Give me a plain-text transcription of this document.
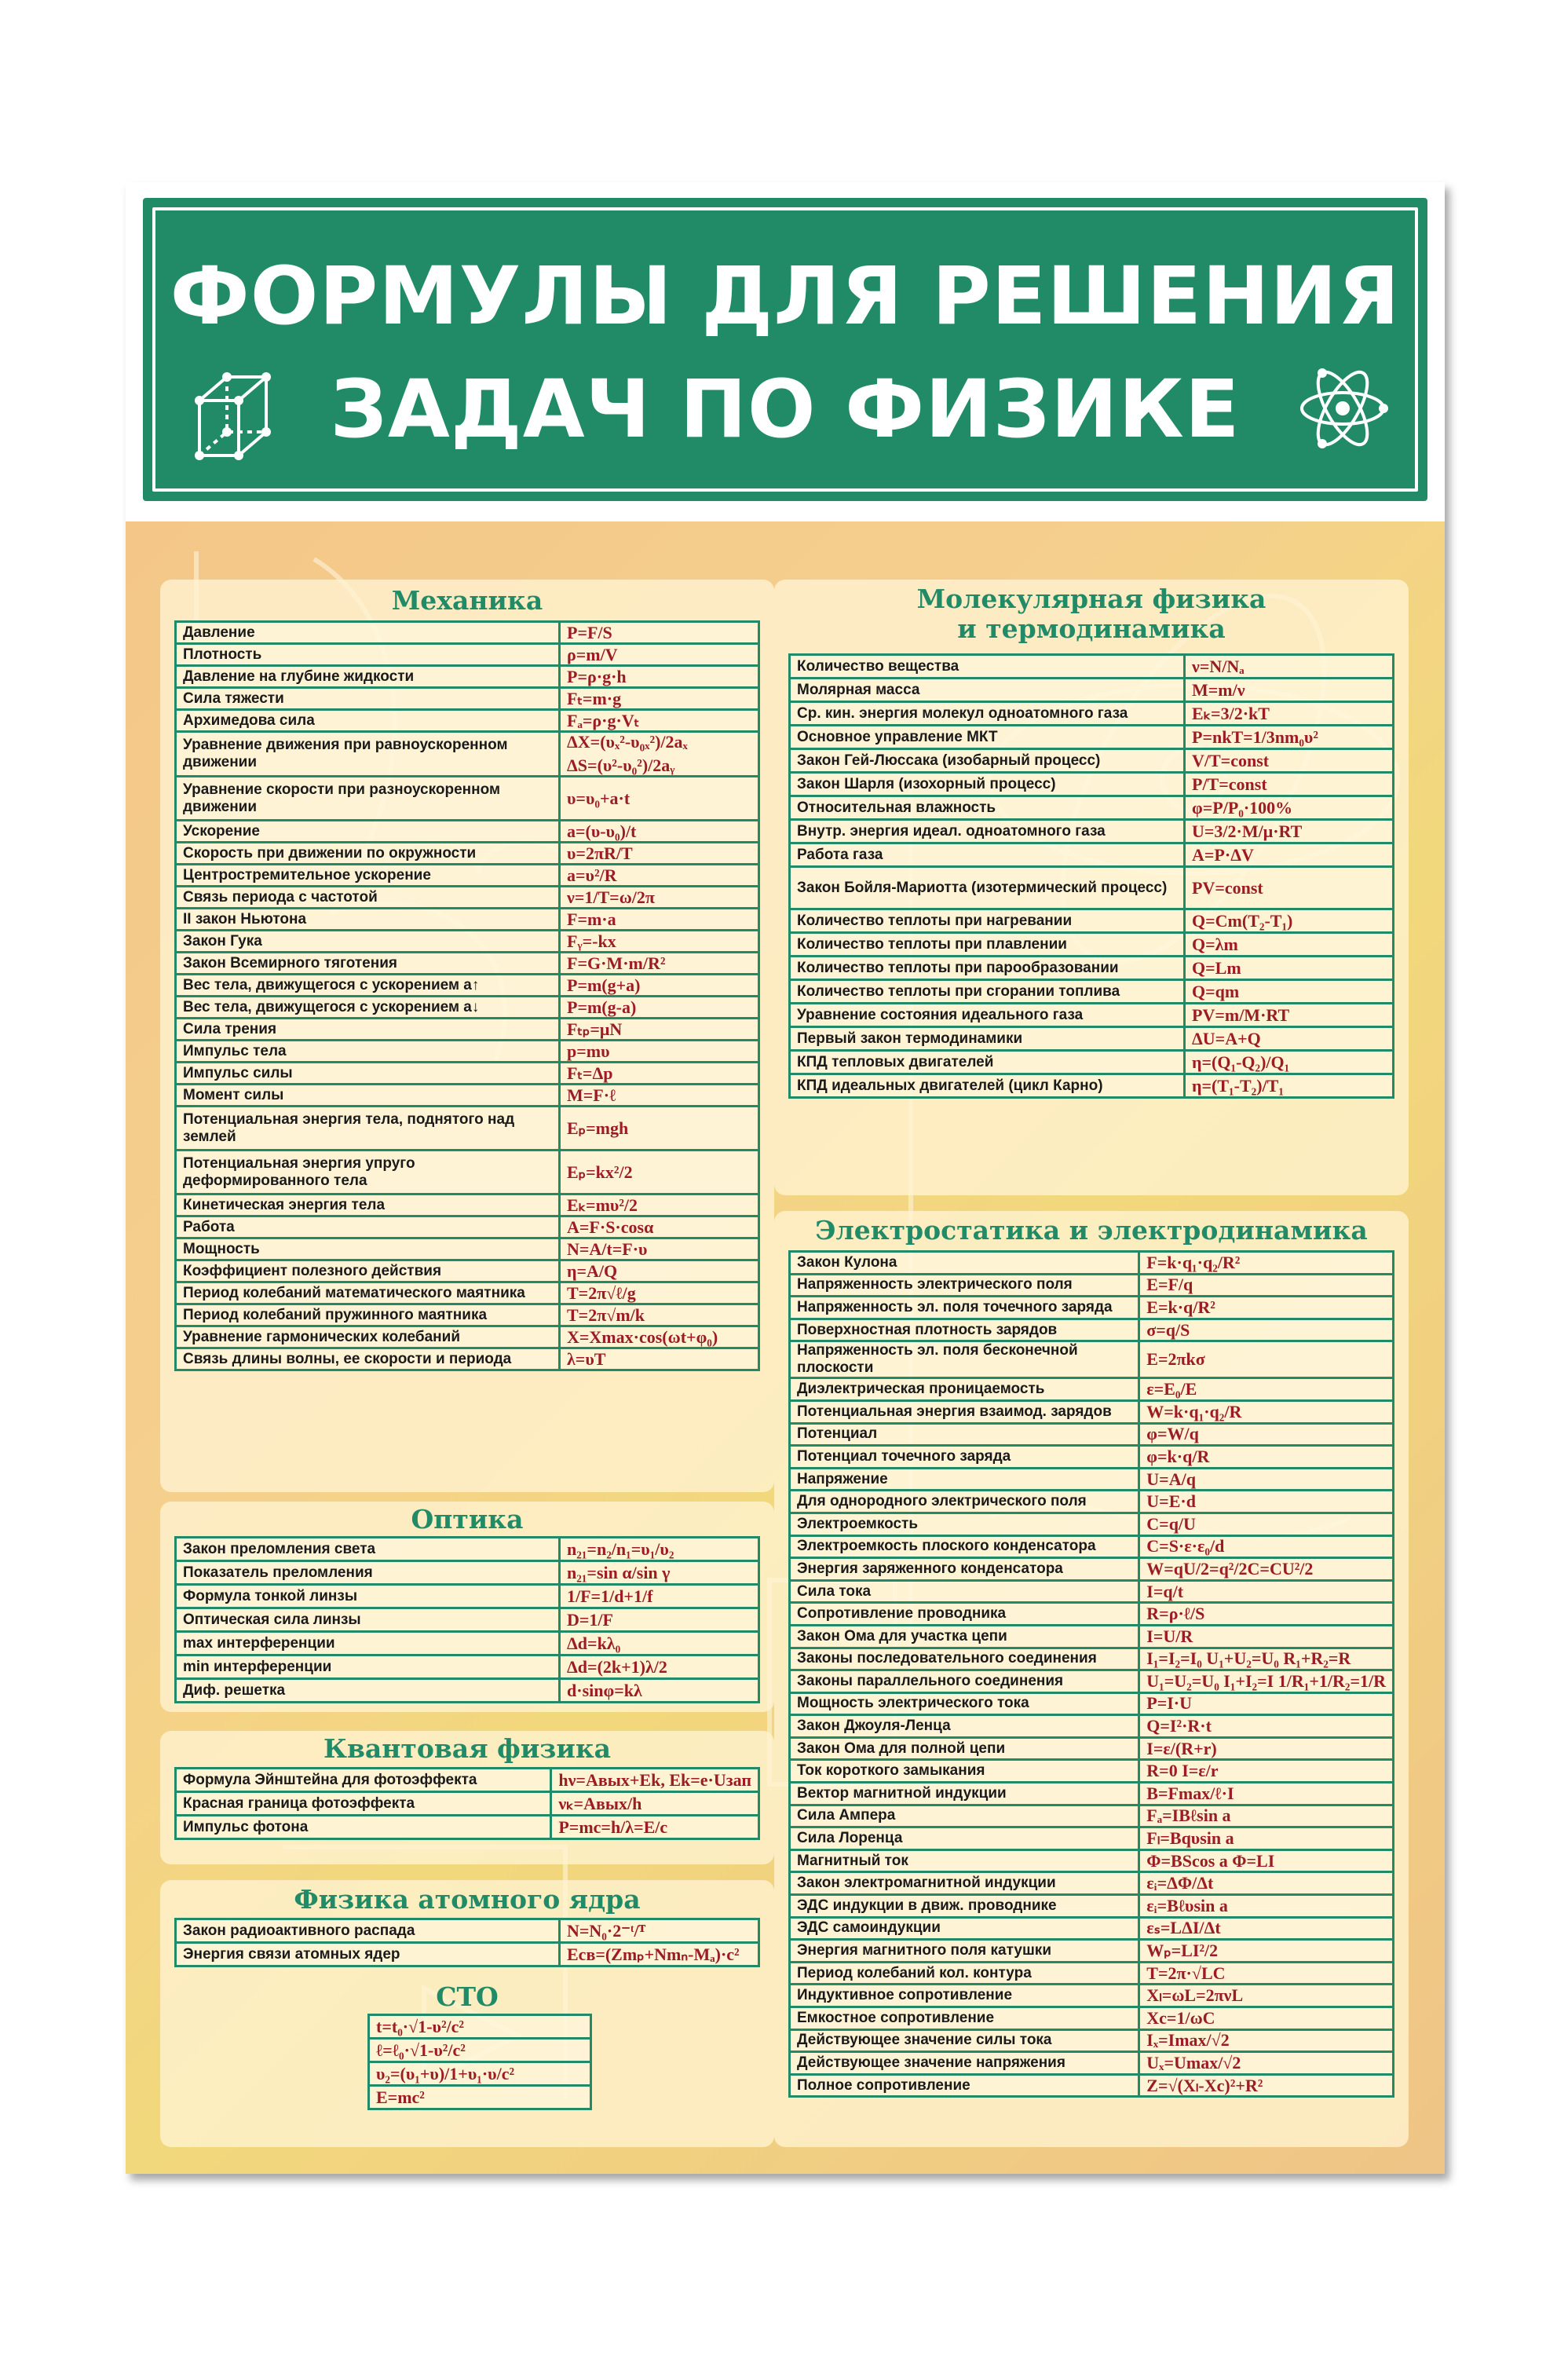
ФОРМУЛЫ ДЛЯ РЕШЕНИЯ
ЗАДАЧ ПО ФИЗИКЕ
Механика
Давление	P=F/S
Плотность	ρ=m/V
Давление на глубине жидкости	P=ρ·g·h
Сила тяжести	Fₜ=m·g
Архимедова сила	Fₐ=ρ·g·Vₜ
Уравнение движения при равноускоренном движении	ΔX=(υₓ²-υ₀ₓ²)/2aₓ
ΔS=(υ²-υ₀²)/2aᵧ

Уравнение скорости при разноускоренном движении	υ=υ₀+a·t
Ускорение	a=(υ-υ₀)/t
Скорость при движении по окружности	υ=2πR/T
Центростремительное ускорение	a=υ²/R
Связь периода с частотой	ν=1/T=ω/2π
II закон Ньютона	F=m·a
Закон Гука	Fᵧ=-kx
Закон Всемирного тяготения	F=G·M·m/R²
Вес тела, движущегося с ускорением а↑	P=m(g+a)
Вес тела, движущегося с ускорением а↓	P=m(g-a)
Сила трения	Fₜₚ=μN
Импульс тела	p=mυ
Импульс силы	Fₜ=Δp
Момент силы	M=F·ℓ
Потенциальная энергия тела, поднятого над землей	Eₚ=mgh
Потенциальная энергия упруго деформированного тела	Eₚ=kx²/2
Кинетическая энергия тела	Eₖ=mυ²/2
Работа	A=F·S·cosα
Мощность	N=A/t=F·υ
Коэффициент полезного действия	η=A/Q
Период колебаний математического маятника	T=2π√ℓ/g
Период колебаний пружинного маятника	T=2π√m/k
Уравнение гармонических колебаний	X=Xmax·cos(ωt+φ₀)
Связь длины волны, ее скорости и периода	λ=υT
Оптика
Закон преломления света	n₂₁=n₂/n₁=υ₁/υ₂
Показатель преломления	n₂₁=sin α/sin γ
Формула тонкой линзы	1/F=1/d+1/f
Оптическая сила линзы	D=1/F
max интерференции	Δd=kλ₀
min интерференции	Δd=(2k+1)λ/2
Диф. решетка	d·sinφ=kλ
Квантовая физика
Формула Эйнштейна для фотоэффекта	hν=Aвых+Ek, Ek=e·Uзап
Красная граница фотоэффекта	νₖ=Aвых/h
Импульс фотона	P=mc=h/λ=E/c
Физика атомного ядра
Закон радиоактивного распада	N=N₀·2⁻ᵗ/ᵀ
Энергия связи атомных ядер	Eсв=(Zmₚ+Nmₙ-Mₐ)·c²
СТО
t=t₀·√1-υ²/c²
ℓ=ℓ₀·√1-υ²/c²
υ₂=(υ₁+υ)/1+υ₁·υ/c²
E=mc²
Молекулярная физика
и термодинамика
Количество вещества	ν=N/Nₐ
Молярная масса	M=m/ν
Ср. кин. энергия молекул одноатомного газа	Eₖ=3/2·kT
Основное управление МКТ	P=nkT=1/3nm₀υ²
Закон Гей-Люссака (изобарный процесс)	V/T=const
Закон Шарля (изохорный процесс)	P/T=const
Относительная влажность	φ=P/P₀·100%
Внутр. энергия идеал. одноатомного газа	U=3/2·M/μ·RT
Работа газа	A=P·ΔV
Закон Бойля-Мариотта (изотермический процесс)	PV=const
Количество теплоты при нагревании	Q=Cm(T₂-T₁)
Количество теплоты при плавлении	Q=λm
Количество теплоты при парообразовании	Q=Lm
Количество теплоты при сгорании топлива	Q=qm
Уравнение состояния идеального газа	PV=m/M·RT
Первый закон термодинамики	ΔU=A+Q
КПД тепловых двигателей	η=(Q₁-Q₂)/Q₁
КПД идеальных двигателей (цикл Карно)	η=(T₁-T₂)/T₁
Электростатика и электродинамика
Закон Кулона	F=k·q₁·q₂/R²
Напряженность электрического поля	E=F/q
Напряженность эл. поля точечного заряда	E=k·q/R²
Поверхностная плотность зарядов	σ=q/S
Напряженность эл. поля бесконечной плоскости	E=2πkσ
Диэлектрическая проницаемость	ε=E₀/E
Потенциальная энергия взаимод. зарядов	W=k·q₁·q₂/R
Потенциал	φ=W/q
Потенциал точечного заряда	φ=k·q/R
Напряжение	U=A/q
Для однородного электрического поля	U=E·d
Электроемкость	C=q/U
Электроемкость плоского конденсатора	C=S·ε·ε₀/d
Энергия заряженного конденсатора	W=qU/2=q²/2C=CU²/2
Сила тока	I=q/t
Сопротивление проводника	R=ρ·ℓ/S
Закон Ома для участка цепи	I=U/R
Законы последовательного соединения	I₁=I₂=I₀ U₁+U₂=U₀ R₁+R₂=R
Законы параллельного соединения	U₁=U₂=U₀ I₁+I₂=I 1/R₁+1/R₂=1/R
Мощность электрического тока	P=I·U
Закон Джоуля-Ленца	Q=I²·R·t
Закон Ома для полной цепи	I=ε/(R+r)
Ток короткого замыкания	R=0 I=ε/r
Вектор магнитной индукции	B=Fmax/ℓ·I
Сила Ампера	Fₐ=IBℓsin a
Сила Лоренца	Fₗ=Bqυsin a
Магнитный ток	Φ=BScos a Φ=LI
Закон электромагнитной индукции	εᵢ=ΔΦ/Δt
ЭДС индукции в движ. проводнике	εᵢ=Bℓυsin a
ЭДС самоиндукции	εₛ=LΔI/Δt
Энергия магнитного поля катушки	Wₚ=LI²/2
Период колебаний кол. контура	T=2π·√LC
Индуктивное сопротивление	Xₗ=ωL=2πνL
Емкостное сопротивление	Xc=1/ωC
Действующее значение силы тока	Iₓ=Imax/√2
Действующее значение напряжения	Uₓ=Umax/√2
Полное сопротивление	Z=√(Xₗ-Xc)²+R²
